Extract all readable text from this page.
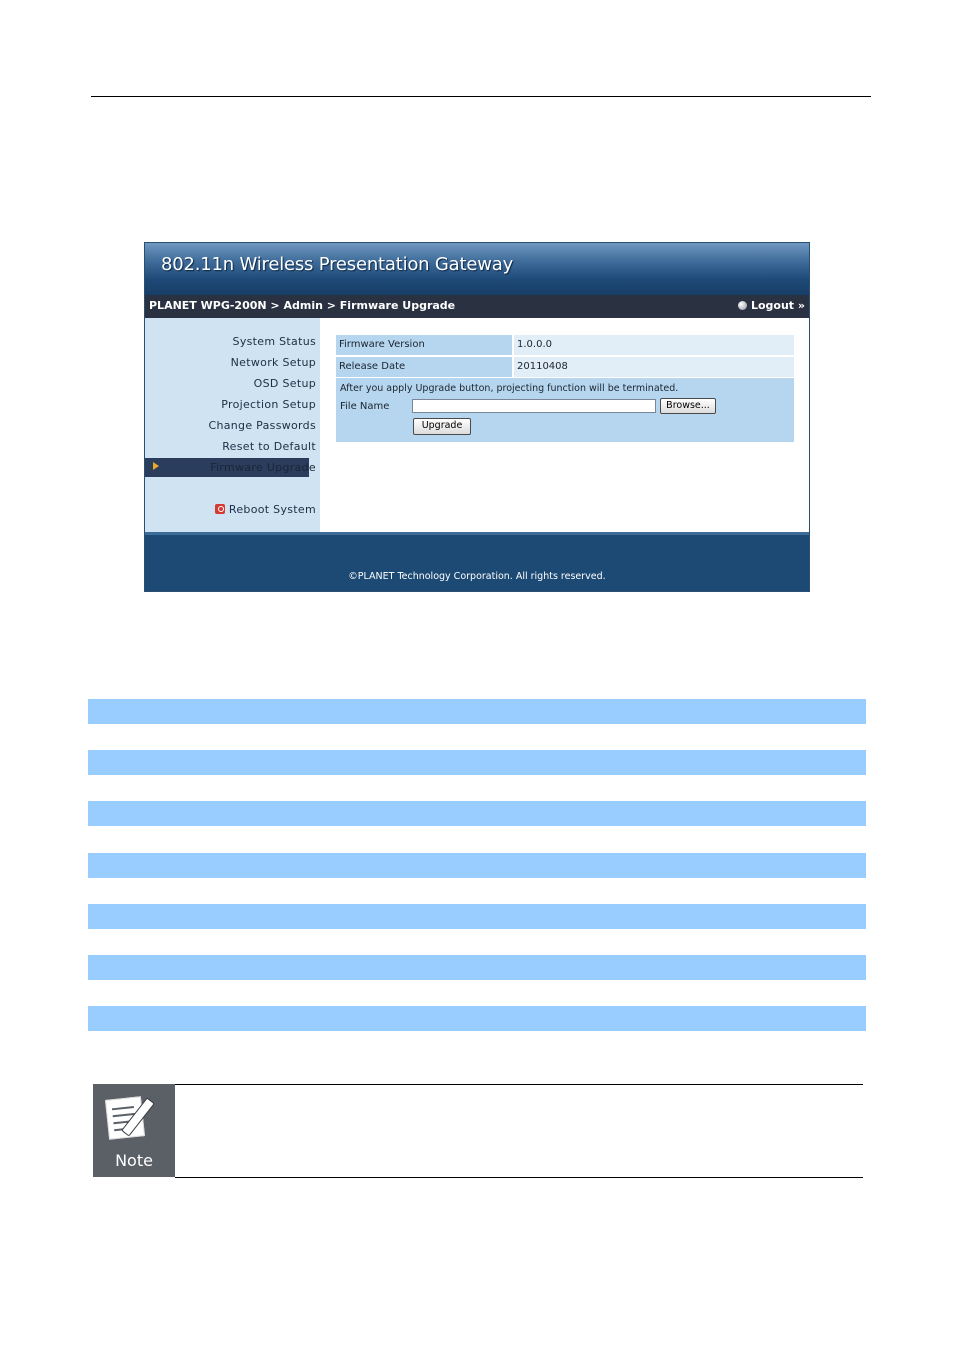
802.11n Wireless Presentation Gateway
PLANET WPG-200N > Admin > Firmware Upgrade	Logout »
System Status
Network Setup
OSD Setup
Projection Setup
Change Passwords
Reset to Default
Firmware Upgrade
Reboot System
Firmware Version	1.0.0.0
Release Date	20110408
After you apply Upgrade button, projecting function will be terminated.
File Name	Browse...
Upgrade
©PLANET Technology Corporation. All rights reserved.
Note
